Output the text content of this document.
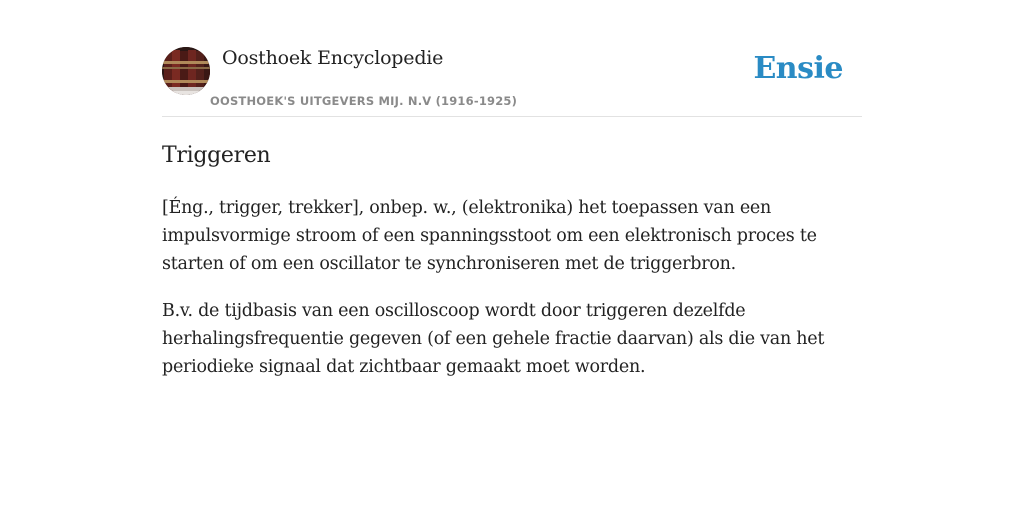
Oosthoek Encyclopedie
OOSTHOEK'S UITGEVERS MIJ. N.V (1916-1925)
Ensie
Triggeren

[Éng., trigger, trekker], onbep. w., (elektronika) het toepassen van een impulsvormige stroom of een spanningsstoot om een elektronisch proces te starten of om een oscillator te synchroniseren met de triggerbron.

B.v. de tijdbasis van een oscilloscoop wordt door triggeren dezelfde herhalingsfrequentie gegeven (of een gehele fractie daarvan) als die van het periodieke signaal dat zichtbaar gemaakt moet worden.
